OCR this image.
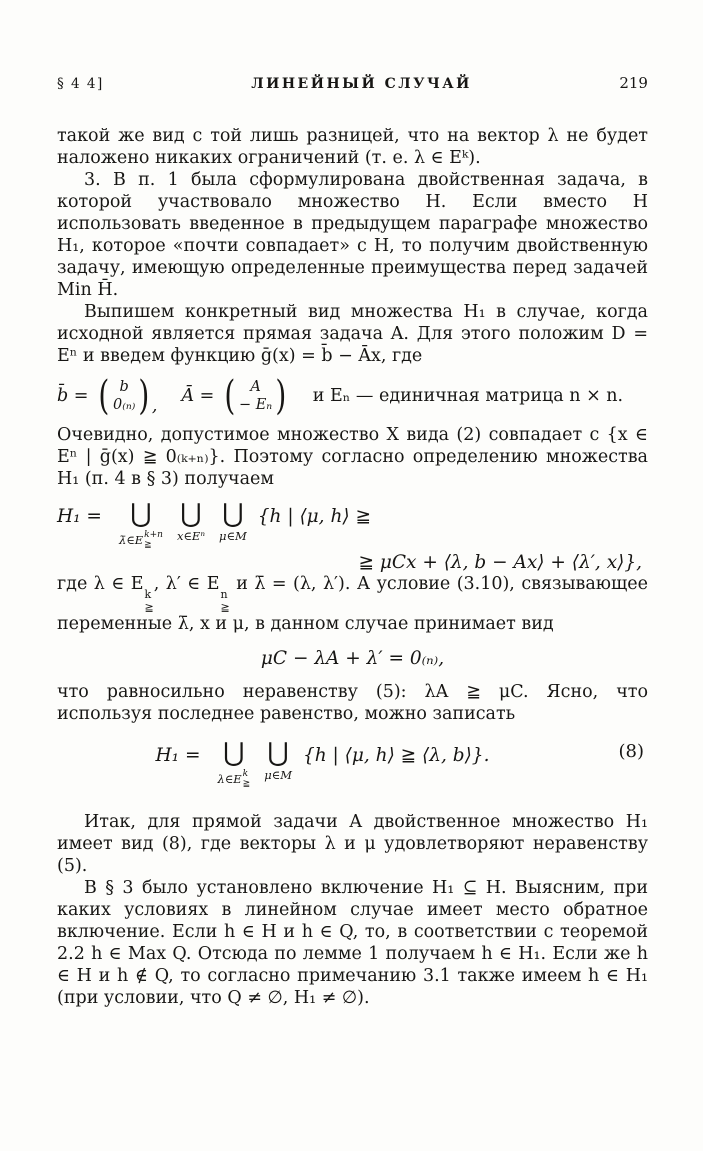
§ 4 4]	ЛИНЕЙНЫЙ СЛУЧАЙ	219

такой же вид с той лишь разницей, что на вектор λ не будет наложено никаких ограничений (т. е. λ ∈ Eᵏ).

3. В п. 1 была сформулирована двойственная задача, в которой участвовало множество H. Если вместо H использовать введенное в предыдущем параграфе множество H₁, которое «почти совпадает» с H, то получим двойственную задачу, имеющую определенные преимущества перед задачей Min H̄.

Выпишем конкретный вид множества H₁ в случае, когда исходной является прямая задача A. Для этого положим D = Eⁿ и введем функцию ḡ(x) = b̄ − Āx, где

b̄ = ( b
0₍ₙ₎ ) , Ā = ( A
− Eₙ ) и Eₙ — единичная матрица n × n.

Очевидно, допустимое множество X вида (2) совпадает с {x ∈ Eⁿ | ḡ(x) ≧ 0₍ₖ₊ₙ₎}. Поэтому согласно определению множества H₁ (п. 4 в § 3) получаем

H₁ = ⋃
λ̄∈E k+n
≧
⋃
x∈Eⁿ
⋃
μ∈M
{h | ⟨μ, h⟩ ≧
≧ μCx + ⟨λ, b − Ax⟩ + ⟨λ′, x⟩},

где λ ∈ E
k
≧
, λ′ ∈ E
n
≧
и λ̄ = (λ, λ′). А условие (3.10), связывающее переменные λ̄, x и μ, в данном случае принимает вид

μC − λA + λ′ = 0₍ₙ₎,

что равносильно неравенству (5): λA ≧ μC. Ясно, что используя последнее равенство, можно записать

H₁ = ⋃
λ∈E k
≧
⋃
μ∈M
{h | ⟨μ, h⟩ ≧ ⟨λ, b⟩}.	(8)

Итак, для прямой задачи A двойственное множество H₁ имеет вид (8), где векторы λ и μ удовлетворяют неравенству (5).

В § 3 было установлено включение H₁ ⊆ H. Выясним, при каких условиях в линейном случае имеет место обратное включение. Если h ∈ H и h ∈ Q, то, в соответствии с теоремой 2.2 h ∈ Max Q. Отсюда по лемме 1 получаем h ∈ H₁. Если же h ∈ H и h ∉ Q, то согласно примечанию 3.1 также имеем h ∈ H₁ (при условии, что Q ≠ ∅, H₁ ≠ ∅).
